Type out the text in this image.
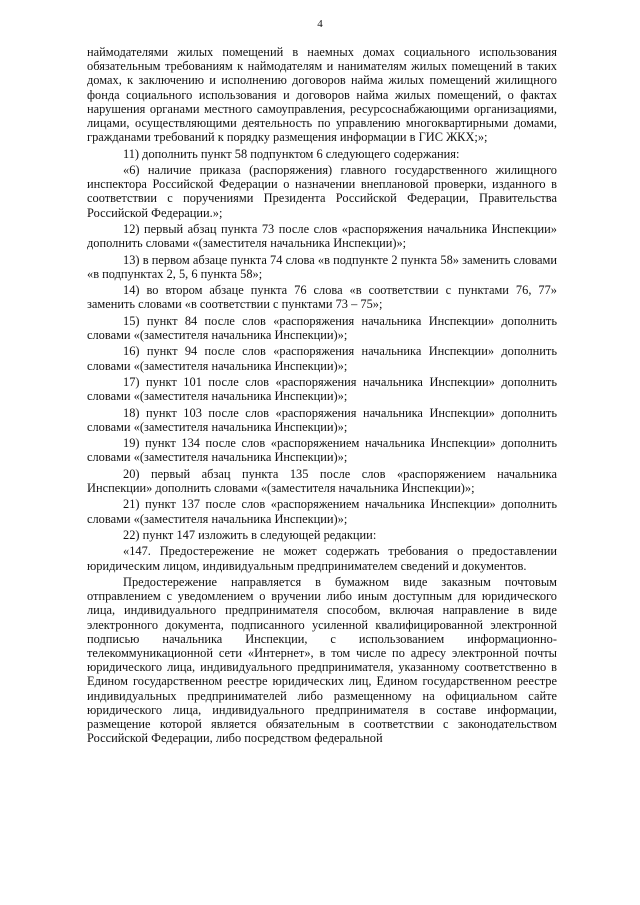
4

наймодателями жилых помещений в наемных домах социального использования обязательным требованиям к наймодателям и нанимателям жилых помещений в таких домах, к заключению и исполнению договоров найма жилых помещений жилищного фонда социального использования и договоров найма жилых помещений, о фактах нарушения органами местного самоуправления, ресурсоснабжающими организациями, лицами, осуществляющими деятельность по управлению многоквартирными домами, гражданами требований к порядку размещения информации в ГИС ЖКХ;»;

11) дополнить пункт 58 подпунктом 6 следующего содержания:

«6) наличие приказа (распоряжения) главного государственного жилищного инспектора Российской Федерации о назначении внеплановой проверки, изданного в соответствии с поручениями Президента Российской Федерации, Правительства Российской Федерации.»;

12) первый абзац пункта 73 после слов «распоряжения начальника Инспекции» дополнить словами «(заместителя начальника Инспекции)»;

13) в первом абзаце пункта 74 слова «в подпункте 2 пункта 58» заменить словами «в подпунктах 2, 5, 6 пункта 58»;

14) во втором абзаце пункта 76 слова «в соответствии с пунктами 76, 77» заменить словами «в соответствии с пунктами 73 – 75»;

15) пункт 84 после слов «распоряжения начальника Инспекции» дополнить словами «(заместителя начальника Инспекции)»;

16) пункт 94 после слов «распоряжения начальника Инспекции» дополнить словами «(заместителя начальника Инспекции)»;

17) пункт 101 после слов «распоряжения начальника Инспекции» дополнить словами «(заместителя начальника Инспекции)»;

18) пункт 103 после слов «распоряжения начальника Инспекции» дополнить словами «(заместителя начальника Инспекции)»;

19) пункт 134 после слов «распоряжением начальника Инспекции» дополнить словами «(заместителя начальника Инспекции)»;

20) первый абзац пункта 135 после слов «распоряжением начальника Инспекции» дополнить словами «(заместителя начальника Инспекции)»;

21) пункт 137 после слов «распоряжением начальника Инспекции» дополнить словами «(заместителя начальника Инспекции)»;

22) пункт 147 изложить в следующей редакции:

«147. Предостережение не может содержать требования о предоставлении юридическим лицом, индивидуальным предпринимателем сведений и документов.

Предостережение направляется в бумажном виде заказным почтовым отправлением с уведомлением о вручении либо иным доступным для юридического лица, индивидуального предпринимателя способом, включая направление в виде электронного документа, подписанного усиленной квалифицированной электронной подписью начальника Инспекции, с использованием информационно-телекоммуникационной сети «Интернет», в том числе по адресу электронной почты юридического лица, индивидуального предпринимателя, указанному соответственно в Едином государственном реестре юридических лиц, Едином государственном реестре индивидуальных предпринимателей либо размещенному на официальном сайте юридического лица, индивидуального предпринимателя в составе информации, размещение которой является обязательным в соответствии с законодательством Российской Федерации, либо посредством федеральной
